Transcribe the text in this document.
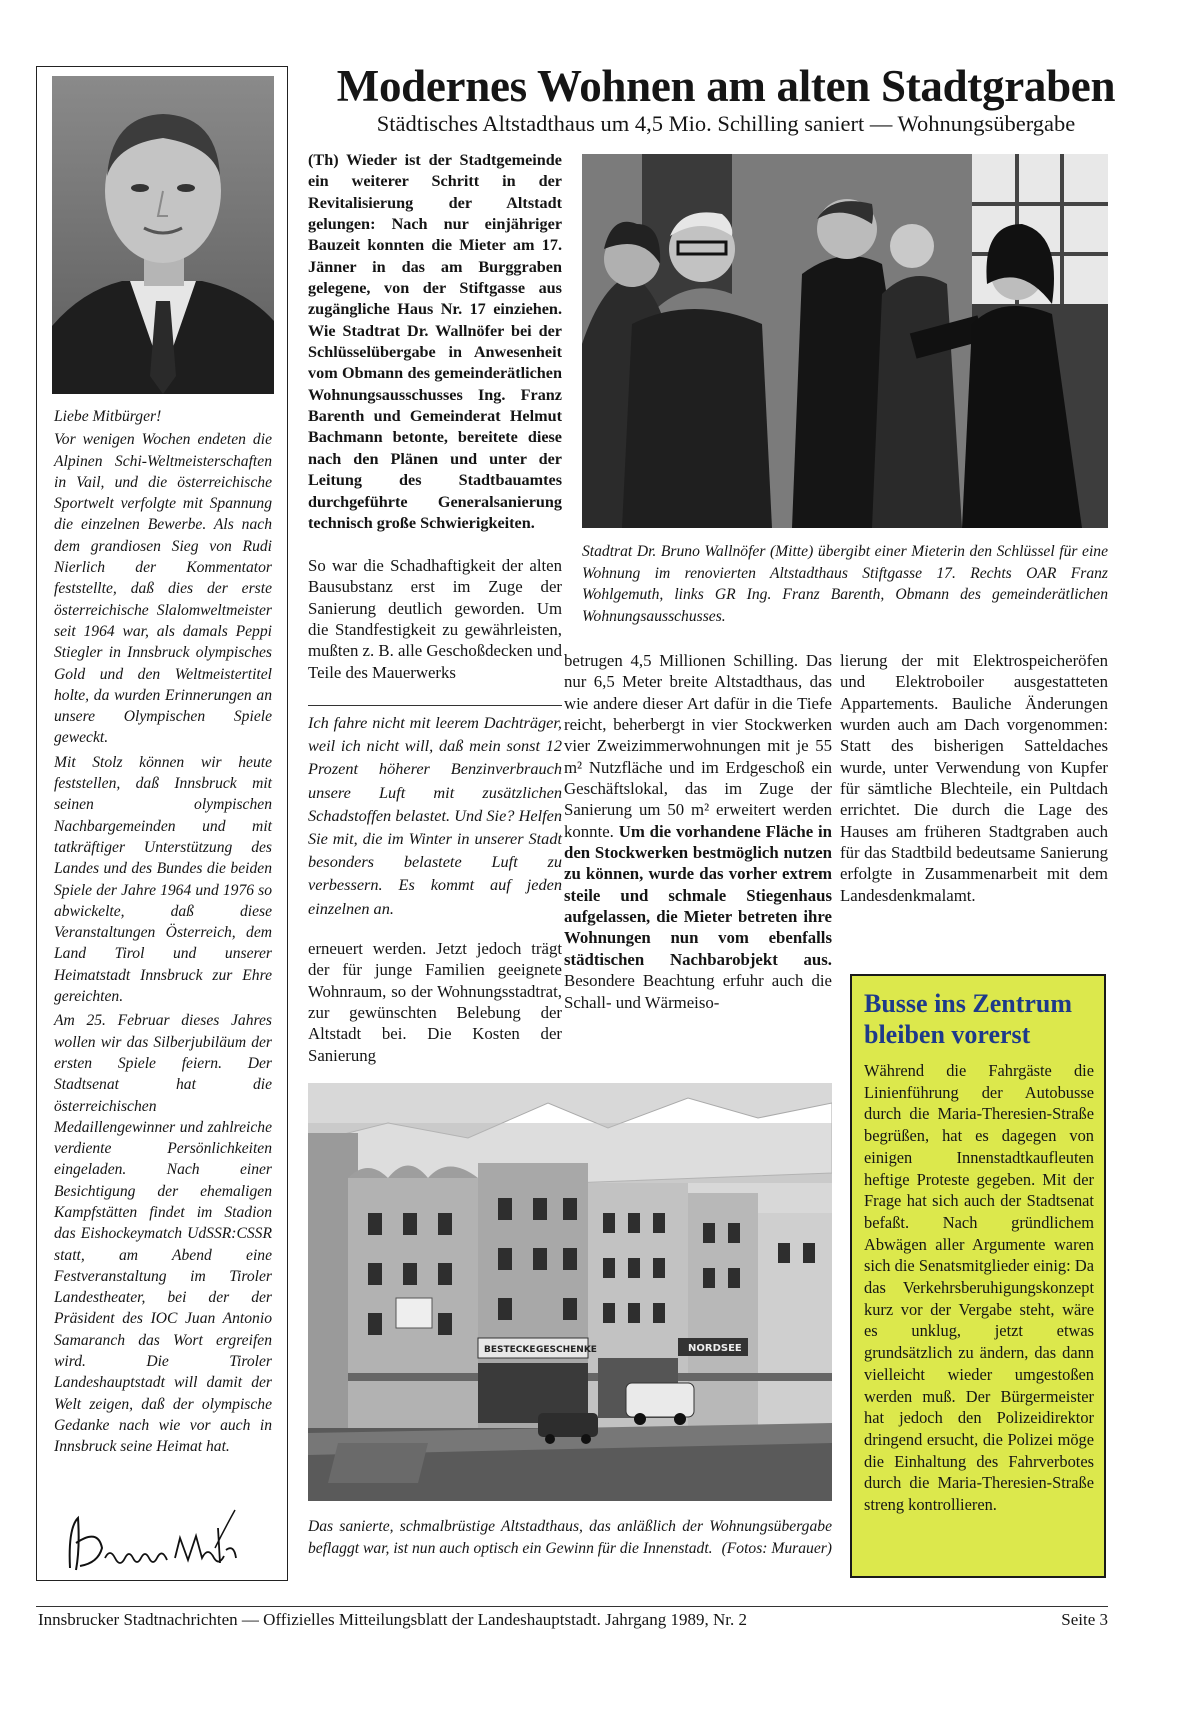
Liebe Mitbürger!

Vor wenigen Wochen endeten die Alpinen Schi-Weltmeisterschaften in Vail, und die österreichische Sportwelt verfolgte mit Spannung die einzelnen Bewerbe. Als nach dem grandiosen Sieg von Rudi Nierlich der Kommentator feststellte, daß dies der erste österreichische Slalomweltmeister seit 1964 war, als damals Peppi Stiegler in Innsbruck olympisches Gold und den Weltmeistertitel holte, da wurden Erinnerungen an unsere Olympischen Spiele geweckt.

Mit Stolz können wir heute feststellen, daß Innsbruck mit seinen olympischen Nachbargemeinden und mit tatkräftiger Unterstützung des Landes und des Bundes die beiden Spiele der Jahre 1964 und 1976 so abwickelte, daß diese Veranstaltungen Österreich, dem Land Tirol und unserer Heimatstadt Innsbruck zur Ehre gereichten.

Am 25. Februar dieses Jahres wollen wir das Silberjubiläum der ersten Spiele feiern. Der Stadtsenat hat die österreichischen Medaillengewinner und zahlreiche verdiente Persönlichkeiten eingeladen. Nach einer Besichtigung der ehemaligen Kampfstätten findet im Stadion das Eishockeymatch UdSSR:CSSR statt, am Abend eine Festveranstaltung im Tiroler Landestheater, bei der der Präsident des IOC Juan Antonio Samaranch das Wort ergreifen wird. Die Tiroler Landeshauptstadt will damit der Welt zeigen, daß der olympische Gedanke nach wie vor auch in Innsbruck seine Heimat hat.

Modernes Wohnen am alten Stadtgraben
Städtisches Altstadthaus um 4,5 Mio. Schilling saniert — Wohnungsübergabe
(Th) Wieder ist der Stadtgemeinde ein weiterer Schritt in der Revitalisierung der Altstadt gelungen: Nach nur einjähriger Bauzeit konnten die Mieter am 17. Jänner in das am Burggraben gelegene, von der Stiftgasse aus zugängliche Haus Nr. 17 einziehen. Wie Stadtrat Dr. Wallnöfer bei der Schlüsselübergabe in Anwesenheit vom Obmann des gemeinderätlichen Wohnungsausschusses Ing. Franz Barenth und Gemeinderat Helmut Bachmann betonte, bereitete diese nach den Plänen und unter der Leitung des Stadtbauamtes durchgeführte Generalsanierung technisch große Schwierigkeiten.
So war die Schadhaftigkeit der alten Bausubstanz erst im Zuge der Sanierung deutlich geworden. Um die Standfestigkeit zu gewährleisten, mußten z. B. alle Geschoßdecken und Teile des Mauerwerks
Ich fahre nicht mit leerem Dachträger, weil ich nicht will, daß mein sonst 12 Prozent höherer Benzinverbrauch unsere Luft mit zusätzlichen Schadstoffen belastet. Und Sie? Helfen Sie mit, die im Winter in unserer Stadt besonders belastete Luft zu verbessern. Es kommt auf jeden einzelnen an.
erneuert werden. Jetzt jedoch trägt der für junge Familien geeignete Wohnraum, so der Wohnungsstadtrat, zur gewünschten Belebung der Altstadt bei. Die Kosten der Sanierung
Stadtrat Dr. Bruno Wallnöfer (Mitte) übergibt einer Mieterin den Schlüssel für eine Wohnung im renovierten Altstadthaus Stiftgasse 17. Rechts OAR Franz Wohlgemuth, links GR Ing. Franz Barenth, Obmann des gemeinderätlichen Wohnungsausschusses.

betrugen 4,5 Millionen Schilling. Das nur 6,5 Meter breite Altstadthaus, das wie andere dieser Art dafür in die Tiefe reicht, beherbergt in vier Stockwerken vier Zweizimmerwohnungen mit je 55 m² Nutzfläche und im Erdgeschoß ein Geschäftslokal, das im Zuge der Sanierung um 50 m² erweitert werden konnte. Um die vorhandene Fläche in den Stockwerken bestmöglich nutzen zu können, wurde das vorher extrem steile und schmale Stiegenhaus aufgelassen, die Mieter betreten ihre Wohnungen nun vom ebenfalls städtischen Nachbarobjekt aus. Besondere Beachtung erfuhr auch die Schall- und Wärmeiso-

lierung der mit Elektrospeicheröfen und Elektroboiler ausgestatteten Appartements. Bauliche Änderungen wurden auch am Dach vorgenommen: Statt des bisherigen Satteldaches wurde, unter Verwendung von Kupfer für sämtliche Blechteile, ein Pultdach errichtet. Die durch die Lage des Hauses am früheren Stadtgraben auch für das Stadtbild bedeutsame Sanierung erfolgte in Zusammenarbeit mit dem Landesdenkmalamt.
BESTECKE GESCHENKE	NORDSEE
Das sanierte, schmalbrüstige Altstadthaus, das anläßlich der Wohnungsübergabe beflaggt war, ist nun auch optisch ein Gewinn für die Innenstadt. (Fotos: Murauer)
Busse ins Zentrum bleiben vorerst
Während die Fahrgäste die Linienführung der Autobusse durch die Maria-Theresien-Straße begrüßen, hat es dagegen von einigen Innenstadtkaufleuten heftige Proteste gegeben. Mit der Frage hat sich auch der Stadtsenat befaßt. Nach gründlichem Abwägen aller Argumente waren sich die Senatsmitglieder einig: Da das Verkehrsberuhigungskonzept kurz vor der Vergabe steht, wäre es unklug, jetzt etwas grundsätzlich zu ändern, das dann vielleicht wieder umgestoßen werden muß. Der Bürgermeister hat jedoch den Polizeidirektor dringend ersucht, die Polizei möge die Einhaltung des Fahrverbotes durch die Maria-Theresien-Straße streng kontrollieren.
Innsbrucker Stadtnachrichten — Offizielles Mitteilungsblatt der Landeshauptstadt. Jahrgang 1989, Nr. 2	Seite 3
